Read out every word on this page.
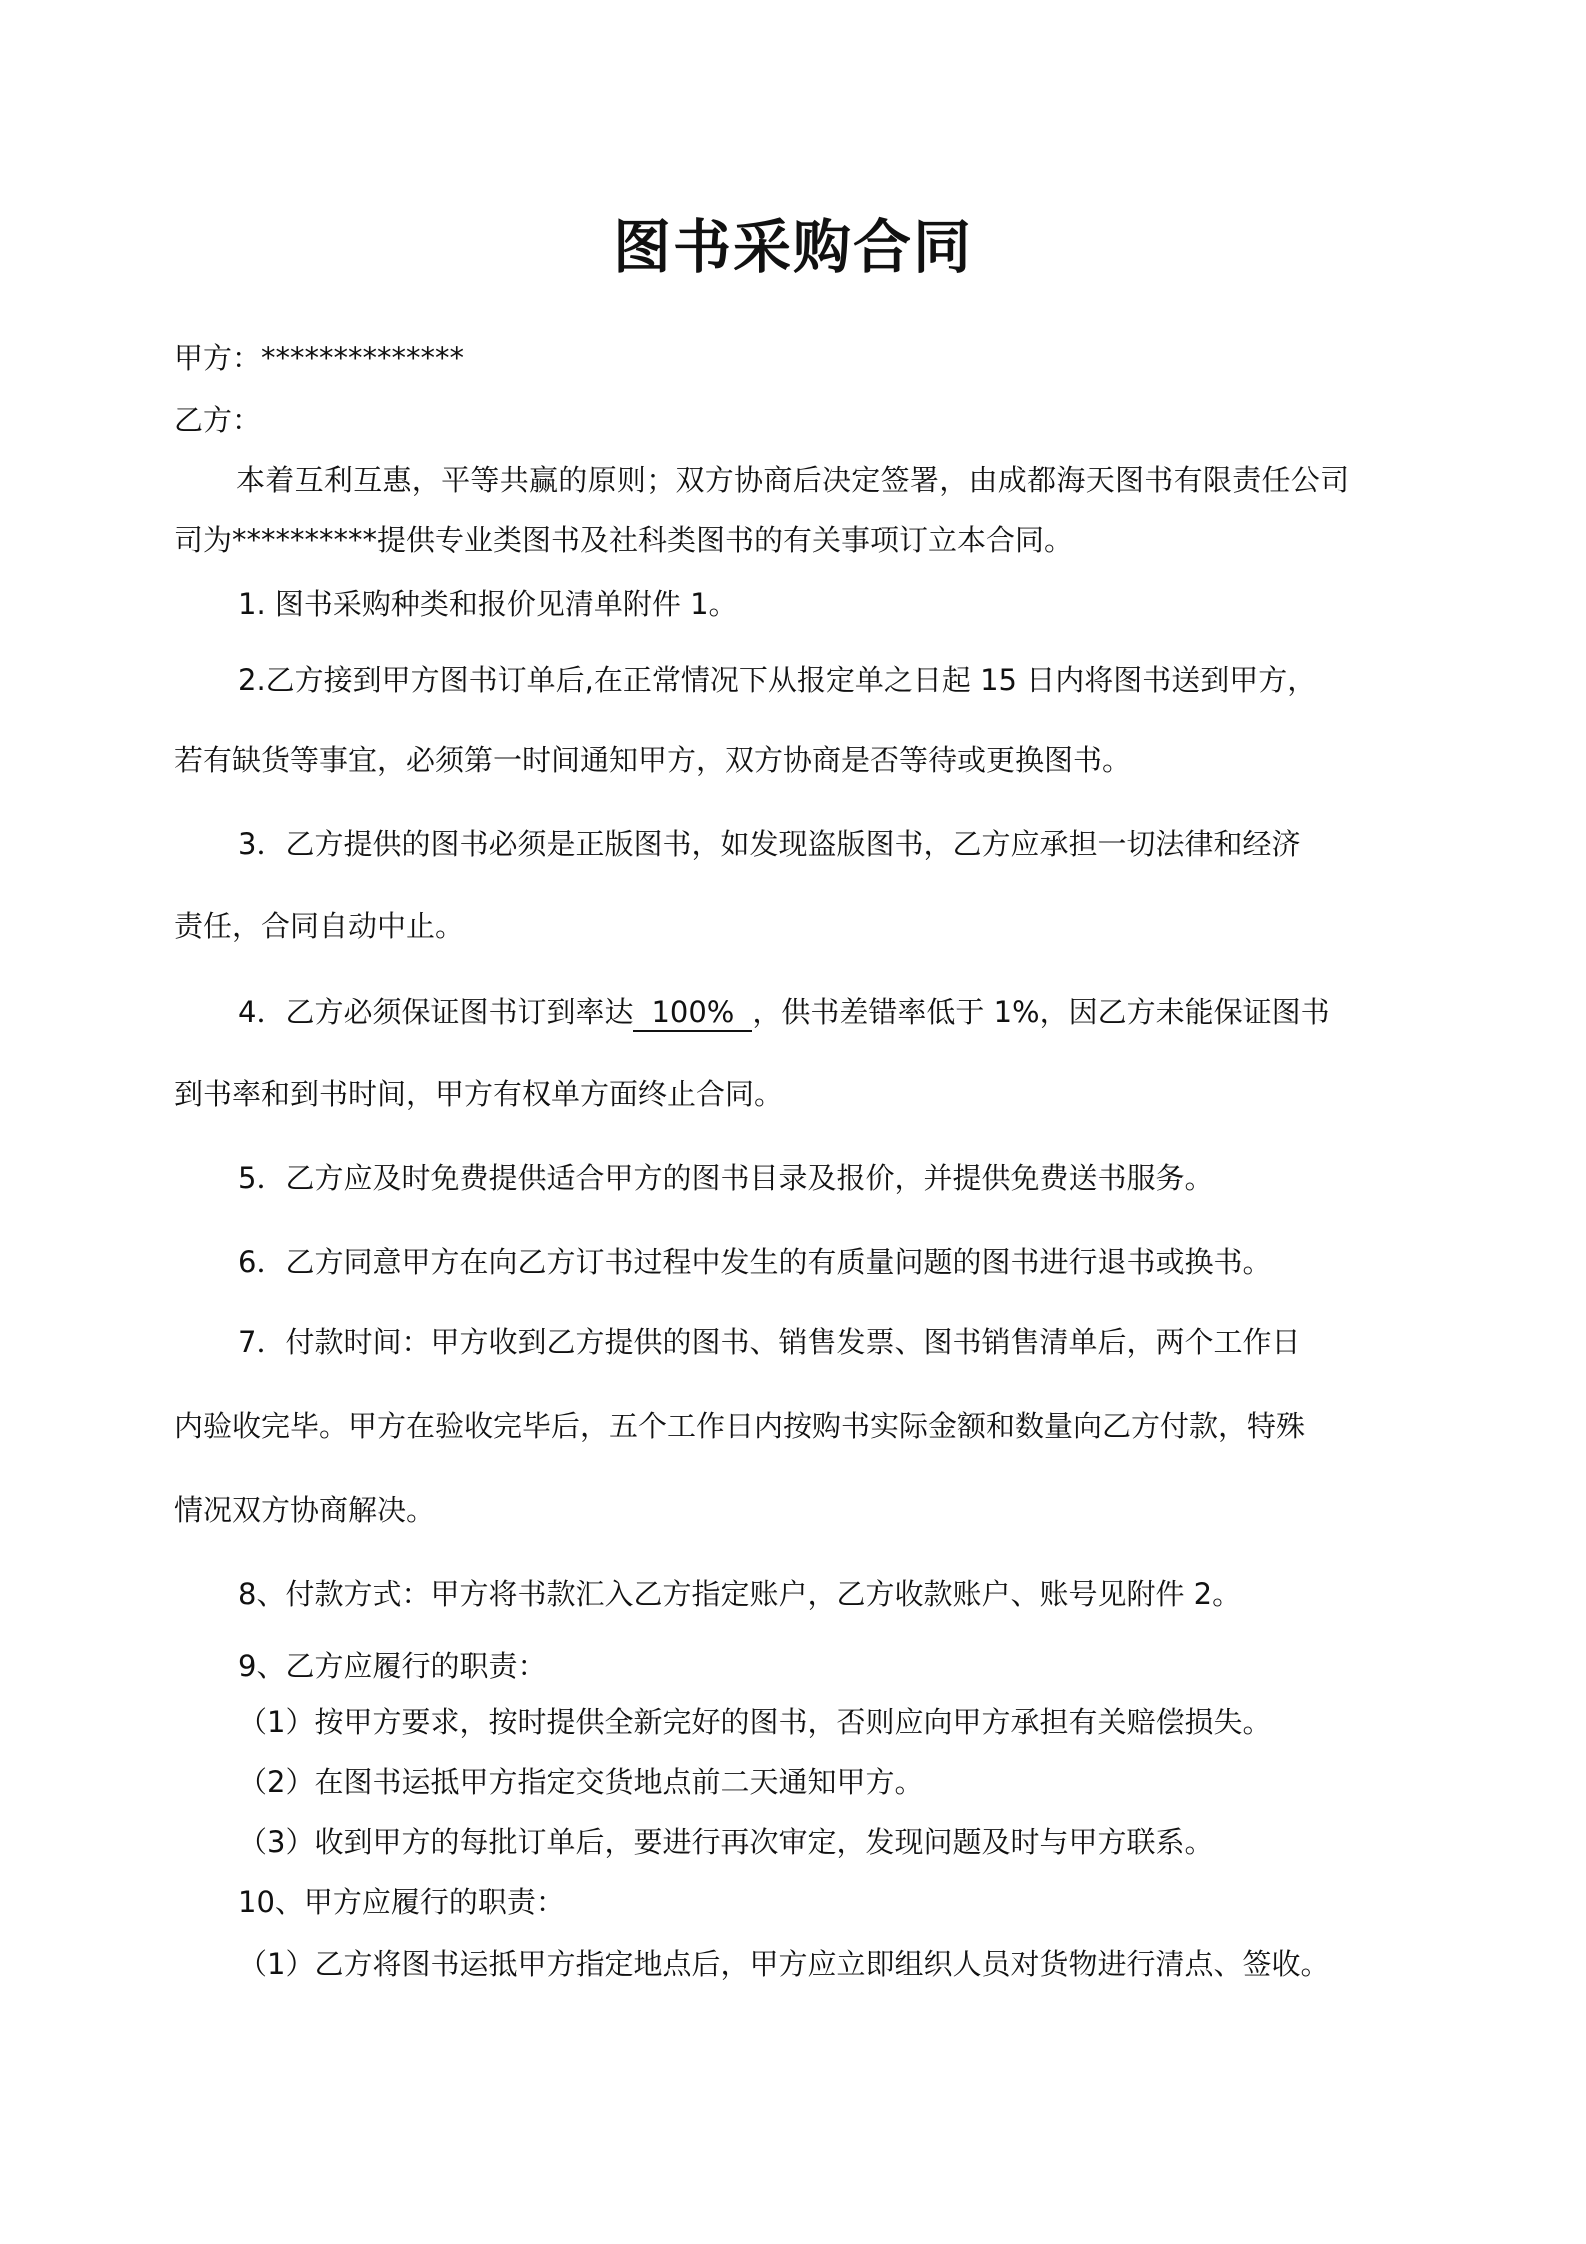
图书采购合同
甲方：**************
乙方：
本着互利互惠，平等共赢的原则；双方协商后决定签署，由成都海天图书有限责任公司
司为**********提供专业类图书及社科类图书的有关事项订立本合同。
1. 图书采购种类和报价见清单附件 1。
2.乙方接到甲方图书订单后,在正常情况下从报定单之日起 15 日内将图书送到甲方，
若有缺货等事宜，必须第一时间通知甲方，双方协商是否等待或更换图书。
3．乙方提供的图书必须是正版图书，如发现盗版图书，乙方应承担一切法律和经济
责任，合同自动中止。
4．乙方必须保证图书订到率达 100% ，供书差错率低于 1%，因乙方未能保证图书
到书率和到书时间，甲方有权单方面终止合同。
5．乙方应及时免费提供适合甲方的图书目录及报价，并提供免费送书服务。
6．乙方同意甲方在向乙方订书过程中发生的有质量问题的图书进行退书或换书。
7．付款时间：甲方收到乙方提供的图书、销售发票、图书销售清单后，两个工作日
内验收完毕。甲方在验收完毕后，五个工作日内按购书实际金额和数量向乙方付款，特殊
情况双方协商解决。
8、付款方式：甲方将书款汇入乙方指定账户，乙方收款账户、账号见附件 2。
9、乙方应履行的职责：
（1）按甲方要求，按时提供全新完好的图书，否则应向甲方承担有关赔偿损失。
（2）在图书运抵甲方指定交货地点前二天通知甲方。
（3）收到甲方的每批订单后，要进行再次审定，发现问题及时与甲方联系。
10、甲方应履行的职责：
（1）乙方将图书运抵甲方指定地点后，甲方应立即组织人员对货物进行清点、签收。
